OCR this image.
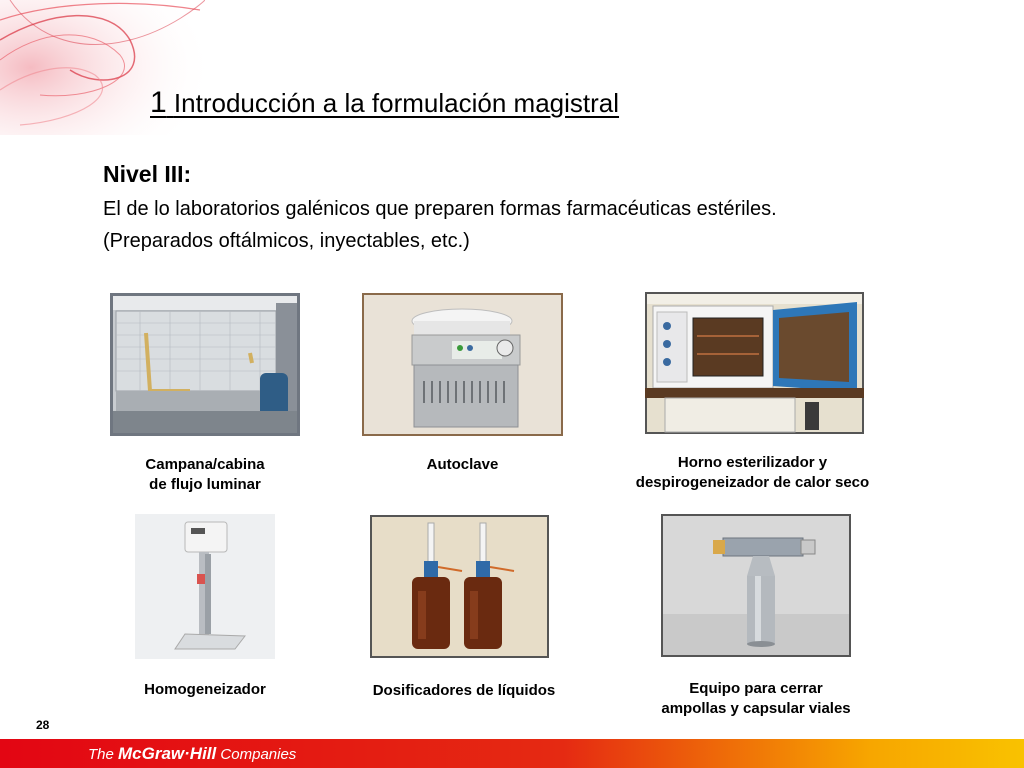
1 Introducción a la formulación magistral
Nivel III:
El de lo laboratorios galénicos que preparen formas farmacéuticas estériles.
(Preparados oftálmicos, inyectables, etc.)
Campana/cabina
de flujo luminar
Autoclave	Horno esterilizador y
despirogeneizador de calor seco
Homogeneizador	Dosificadores de líquidos	Equipo para cerrar
ampollas y capsular viales
28
The McGraw·Hill Companies
